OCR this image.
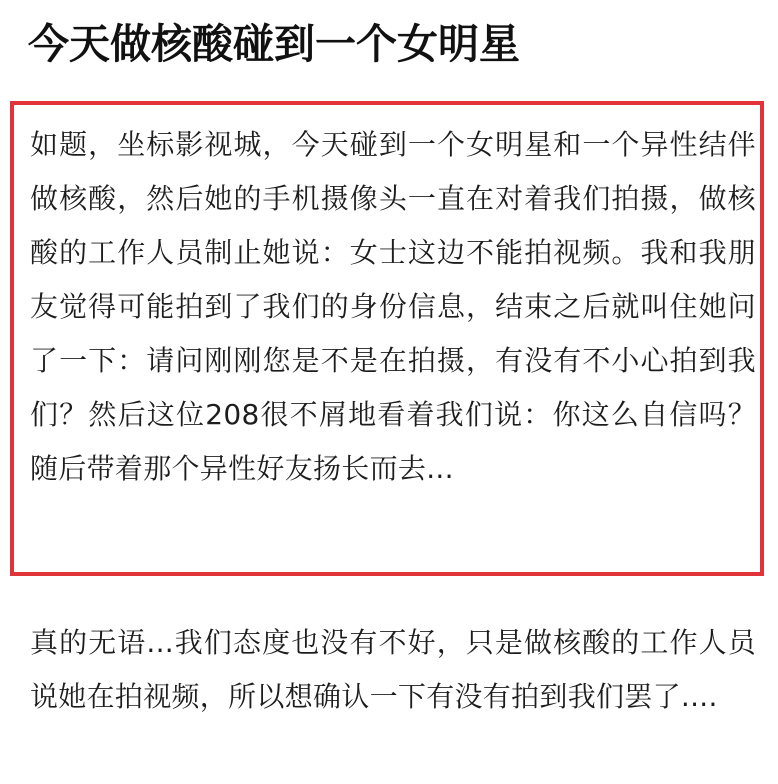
今天做核酸碰到一个女明星

如题，坐标影视城，今天碰到一个女明星和一个异性结伴做核酸，然后她的手机摄像头一直在对着我们拍摄，做核酸的工作人员制止她说：女士这边不能拍视频。我和我朋友觉得可能拍到了我们的身份信息，结束之后就叫住她问了一下：请问刚刚您是不是在拍摄，有没有不小心拍到我们？然后这位208很不屑地看着我们说：你这么自信吗？ 随后带着那个异性好友扬长而去...

真的无语...我们态度也没有不好，只是做核酸的工作人员说她在拍视频，所以想确认一下有没有拍到我们罢了....
